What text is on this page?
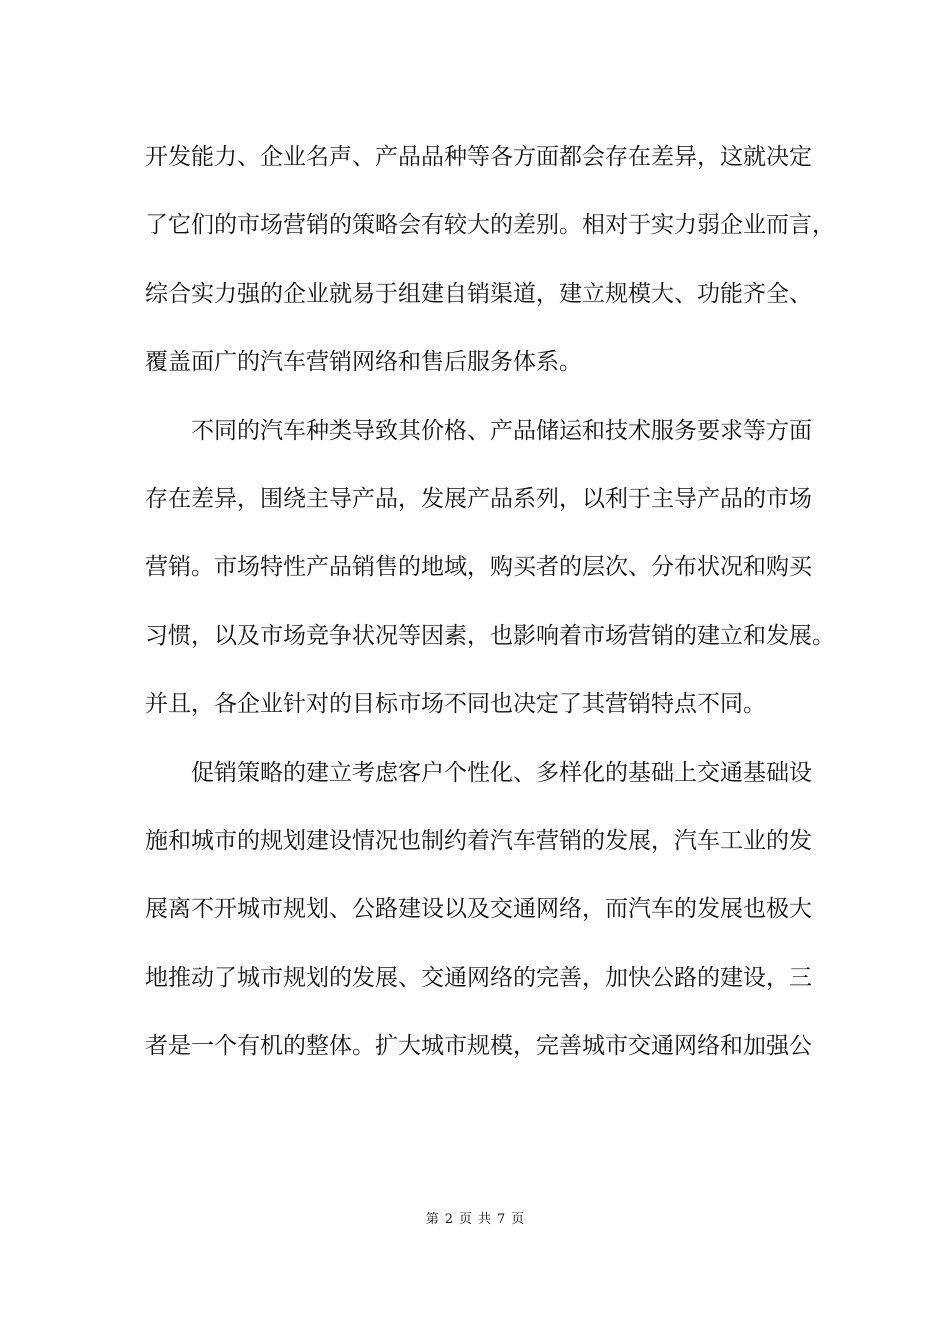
开发能力、企业名声、产品品种等各方面都会存在差异，这就决定
了它们的市场营销的策略会有较大的差别。相对于实力弱企业而言，
综合实力强的企业就易于组建自销渠道，建立规模大、功能齐全、
覆盖面广的汽车营销网络和售后服务体系。
不同的汽车种类导致其价格、产品储运和技术服务要求等方面
存在差异，围绕主导产品，发展产品系列，以利于主导产品的市场
营销。市场特性产品销售的地域，购买者的层次、分布状况和购买
习惯，以及市场竞争状况等因素，也影响着市场营销的建立和发展。
并且，各企业针对的目标市场不同也决定了其营销特点不同。
促销策略的建立考虑客户个性化、多样化的基础上交通基础设
施和城市的规划建设情况也制约着汽车营销的发展，汽车工业的发
展离不开城市规划、公路建设以及交通网络，而汽车的发展也极大
地推动了城市规划的发展、交通网络的完善，加快公路的建设，三
者是一个有机的整体。扩大城市规模，完善城市交通网络和加强公
第 2 页 共 7 页
